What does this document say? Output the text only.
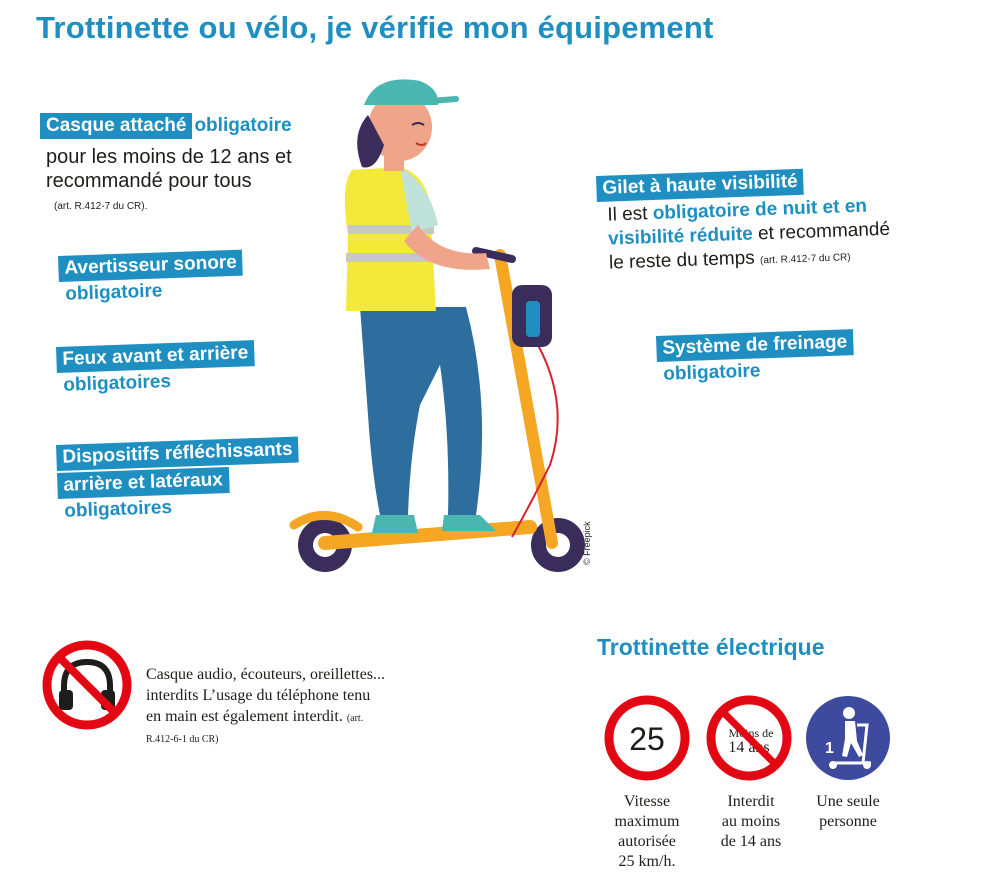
Trottinette ou vélo, je vérifie mon équipement
Casque attaché obligatoire
pour les moins de 12 ans et
recommandé pour tous
(art. R.412-7 du CR).
Avertisseur sonore
obligatoire
Feux avant et arrière
obligatoires
Dispositifs réfléchissants
arrière et latéraux
obligatoires
Gilet à haute visibilité
Il est obligatoire de nuit et en
visibilité réduite et recommandé
le reste du temps (art. R.412-7 du CR)
Système de freinage
obligatoire
© Freepick
Casque audio, écouteurs, oreillettes...
interdits L’usage du téléphone tenu
en main est également interdit. (art.
R.412-6-1 du CR)
Trottinette électrique
25
Vitesse
maximum
autorisée
25 km/h.
Moins de
14 ans
Interdit
au moins
de 14 ans
1
Une seule
personne
